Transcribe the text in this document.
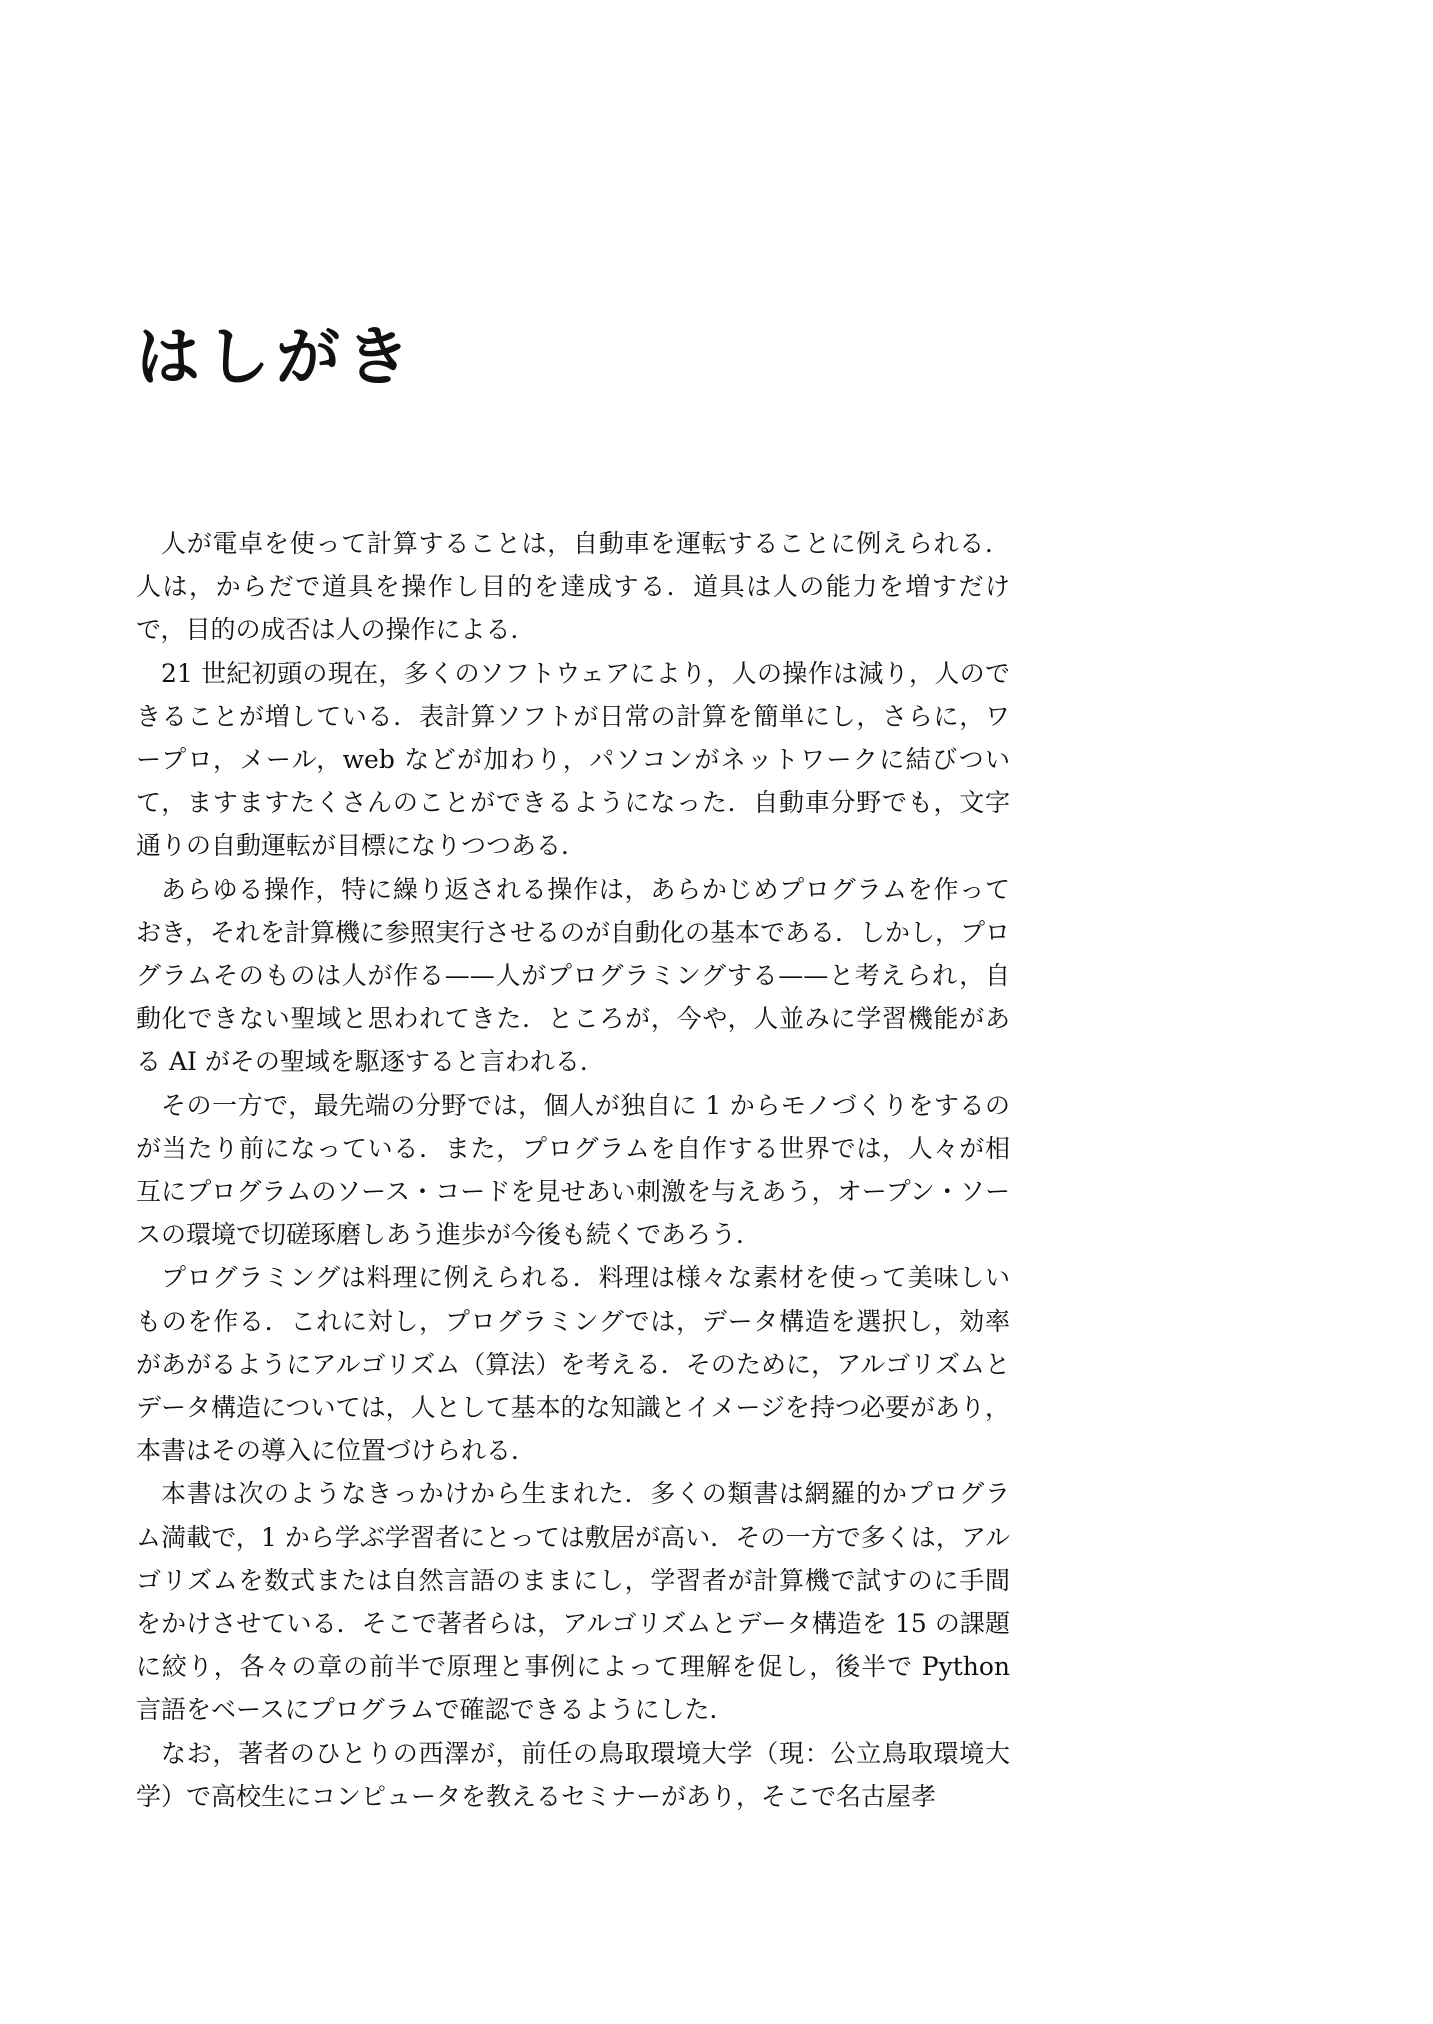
はしがき

人が電卓を使って計算することは，自動車を運転することに例えられる．人は，からだで道具を操作し目的を達成する．道具は人の能力を増すだけで，目的の成否は人の操作による．

21 世紀初頭の現在，多くのソフトウェアにより，人の操作は減り，人のできることが増している．表計算ソフトが日常の計算を簡単にし，さらに，ワープロ，メール，web などが加わり，パソコンがネットワークに結びついて，ますますたくさんのことができるようになった．自動車分野でも，文字通りの自動運転が目標になりつつある．

あらゆる操作，特に繰り返される操作は，あらかじめプログラムを作っておき，それを計算機に参照実行させるのが自動化の基本である．しかし，プログラムそのものは人が作る——人がプログラミングする——と考えられ，自動化できない聖域と思われてきた．ところが，今や，人並みに学習機能がある AI がその聖域を駆逐すると言われる．

その一方で，最先端の分野では，個人が独自に 1 からモノづくりをするのが当たり前になっている．また，プログラムを自作する世界では，人々が相互にプログラムのソース・コードを見せあい刺激を与えあう，オープン・ソースの環境で切磋琢磨しあう進歩が今後も続くであろう．

プログラミングは料理に例えられる．料理は様々な素材を使って美味しいものを作る．これに対し，プログラミングでは，データ構造を選択し，効率があがるようにアルゴリズム（算法）を考える．そのために，アルゴリズムとデータ構造については，人として基本的な知識とイメージを持つ必要があり，本書はその導入に位置づけられる．

本書は次のようなきっかけから生まれた．多くの類書は網羅的かプログラム満載で，1 から学ぶ学習者にとっては敷居が高い．その一方で多くは，アルゴリズムを数式または自然言語のままにし，学習者が計算機で試すのに手間をかけさせている．そこで著者らは，アルゴリズムとデータ構造を 15 の課題に絞り，各々の章の前半で原理と事例によって理解を促し，後半で Python 言語をベースにプログラムで確認できるようにした．

なお，著者のひとりの西澤が，前任の鳥取環境大学（現：公立鳥取環境大学）で高校生にコンピュータを教えるセミナーがあり，そこで名古屋孝
